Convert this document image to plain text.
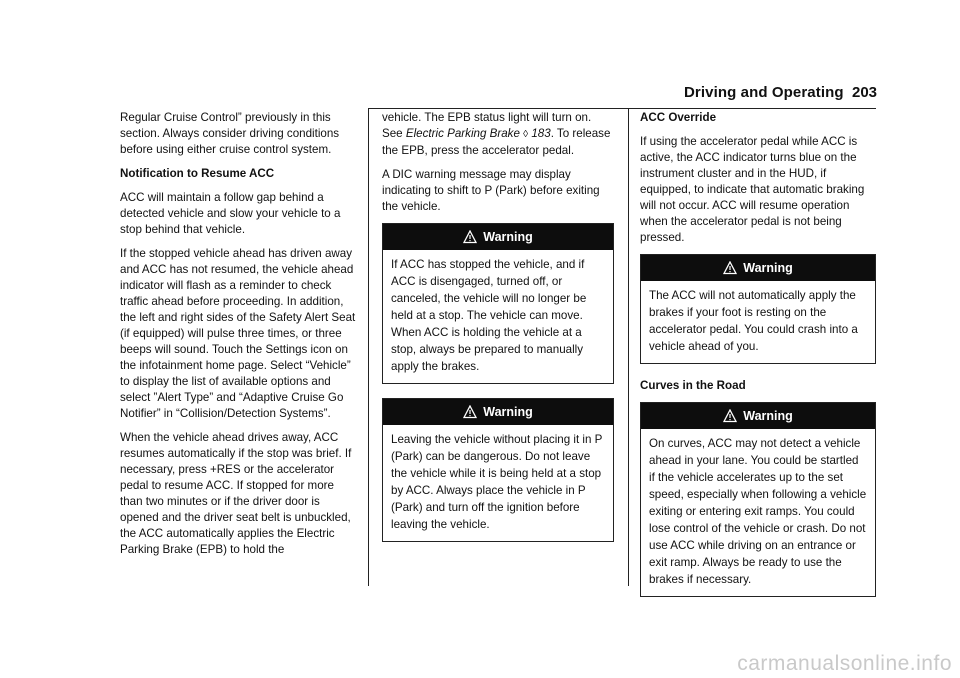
Driving and Operating 203

Regular Cruise Control” previously in this section. Always consider driving conditions before using either cruise control system.

Notification to Resume ACC

ACC will maintain a follow gap behind a detected vehicle and slow your vehicle to a stop behind that vehicle.

If the stopped vehicle ahead has driven away and ACC has not resumed, the vehicle ahead indicator will flash as a reminder to check traffic ahead before proceeding. In addition, the left and right sides of the Safety Alert Seat (if equipped) will pulse three times, or three beeps will sound. Touch the Settings icon on the infotainment home page. Select “Vehicle” to display the list of available options and select ”Alert Type” and “Adaptive Cruise Go Notifier” in “Collision/Detection Systems”.

When the vehicle ahead drives away, ACC resumes automatically if the stop was brief. If necessary, press +RES or the accelerator pedal to resume ACC. If stopped for more than two minutes or if the driver door is opened and the driver seat belt is unbuckled, the ACC automatically applies the Electric Parking Brake (EPB) to hold the

vehicle. The EPB status light will turn on. See Electric Parking Brake ◊ 183. To release the EPB, press the accelerator pedal.

A DIC warning message may display indicating to shift to P (Park) before exiting the vehicle.

Warning
If ACC has stopped the vehicle, and if ACC is disengaged, turned off, or canceled, the vehicle will no longer be held at a stop. The vehicle can move. When ACC is holding the vehicle at a stop, always be prepared to manually apply the brakes.
Warning
Leaving the vehicle without placing it in P (Park) can be dangerous. Do not leave the vehicle while it is being held at a stop by ACC. Always place the vehicle in P (Park) and turn off the ignition before leaving the vehicle.

ACC Override

If using the accelerator pedal while ACC is active, the ACC indicator turns blue on the instrument cluster and in the HUD, if equipped, to indicate that automatic braking will not occur. ACC will resume operation when the accelerator pedal is not being pressed.

Warning
The ACC will not automatically apply the brakes if your foot is resting on the accelerator pedal. You could crash into a vehicle ahead of you.

Curves in the Road

Warning
On curves, ACC may not detect a vehicle ahead in your lane. You could be startled if the vehicle accelerates up to the set speed, especially when following a vehicle exiting or entering exit ramps. You could lose control of the vehicle or crash. Do not use ACC while driving on an entrance or exit ramp. Always be ready to use the brakes if necessary.
carmanualsonline.info
